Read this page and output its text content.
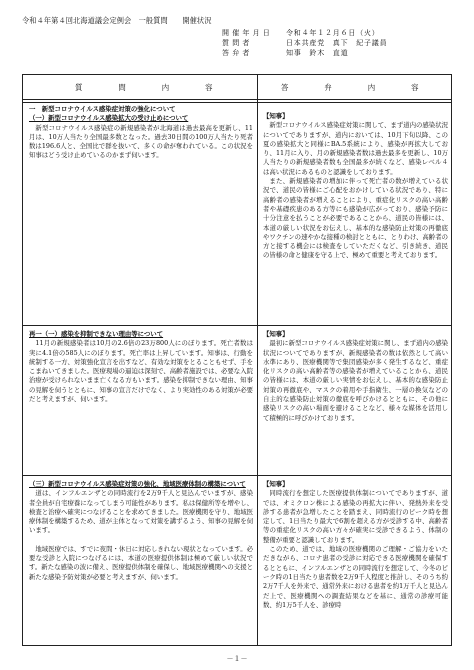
令和４年第４回北海道議会定例会　一般質問　　開催状況
開催年月日	令和４年１２月６日（火）
質問者	日本共産党　真下　紀子議員
答弁者	知事　鈴木　直道
質問内容	答弁内容

一　新型コロナウイルス感染症対策の強化について

（一）新型コロナウイルス感染拡大の受け止めについて

新型コロナウイルス感染症の新規感染者が北海道は過去最高を更新し、11月は、10万人当たり全国最多数となった。過去30日間の100万人当たり死者数は196.6人と、全国比で群を抜いて、多くの命が奪われている。この状況を知事はどう受け止めているのかまず伺います。

【知事】

新型コロナウイルス感染症対策に関して、まず道内の感染状況についてでありますが、道内においては、10月下旬以降、この夏の感染拡大と同様にBA.5系統により、感染が再拡大しており、11月に入り、月の新規感染者数は過去最多を更新し、10万人当たりの新規感染者数も全国最多が続くなど、感染レベル４は高い状況にあるものと認識をしております。

また、新規感染者の増加に伴って死亡者の数が増えている状況で、道民の皆様にご心配をおかけしている状況であり、特に高齢者の感染者が増えることにより、重症化リスクの高い高齢者や基礎疾患のある方等にも感染が広がっており、感染予防に十分注意を払うことが必要であることから、道民の皆様には、本道の厳しい状況をお伝えし、基本的な感染防止対策の再徹底やワクチンの速やかな接種の検討とともに、とりわけ、高齢者の方と接する機会には検査をしていただくなど、引き続き、道民の皆様の命と健康を守る上で、極めて重要と考えております。

再一（一）感染を抑制できない理由等について

11月の新規感染者は10月の2.6倍の23万800人にのぼります。死亡者数は実に4.1倍の585人にのぼります。死亡率は上昇しています。知事は、行動を統制する一方、対策強化宣言を出すなど、有効な対策をとることもせず、手をこまねいてきました。医療現場の逼迫は深刻で、高齢者施設では、必要な入院治療が受けられないまま亡くなる方もいます。感染を抑制できない理由、知事の見解を伺うとともに、知事の宣言だけでなく、より実効性のある対策が必要だと考えますが、伺います。

【知事】

最初に新型コロナウイルス感染症対策に関し、まず道内の感染状況についてでありますが、新規感染者の数は依然として高い水準にあり、医療機関等で集団感染が多く発生するなど、重症化リスクの高い高齢者等の感染者が増えていることから、道民の皆様には、本道の厳しい実情をお伝えし、基本的な感染防止対策の再徹底や、マスクの着用や手指衛生、一層の換気などの自主的な感染防止対策の徹底を呼びかけるとともに、その他に感染リスクの高い場面を避けることなど、様々な媒体を活用して積極的に呼びかけております。

（三）新型コロナウイルス感染症対策の強化、地域医療体制の構築について

道は、インフルエンザとの同時流行を2万9千人と見込んでいますが、感染者全員が自宅療養になってしまう可能性があります。私は保健所等を増やし、検査と治療へ確実につなげることを求めてきました。医療機関を守り、地域医療体制を構築するため、道が主体となって対策を講ずるよう、知事の見解を伺います。

地域医療では、すでに夜間・休日に対応しきれない現状となっています。必要な受診と入院につなげるには、本道の医療提供体制は極めて厳しい状況です。新たな感染の波に備え、医療提供体制を確保し、地域医療機関への支援と新たな感染予防対策が必要と考えますが、伺います。

【知事】

同時流行を想定した医療提供体制についてでありますが、道では、オミクロン株による感染の再拡大に伴い、発熱外来を受診する患者が急増したことを踏まえ、同時流行のピーク時を想定して、1日当たり最大で6割を超える方が受診する中、高齢者等の重症化リスクの高い方々が確実に受診できるよう、体制の整備が重要と認識しております。

このため、道では、地域の医療機関のご理解・ご協力をいただきながら、コロナ患者の受診に対応できる医療機関を確保するとともに、インフルエンザとの同時流行を想定して、今冬のピーク時の1日当たり患者数を2万9千人程度と推計し、そのうち約2万7千人を外来で、通常外来における患者を約1万千人と見込んだ上で、医療機関への調査結果などを基に、通常の診療可能数、約1万5千人を、診療時

－１－
